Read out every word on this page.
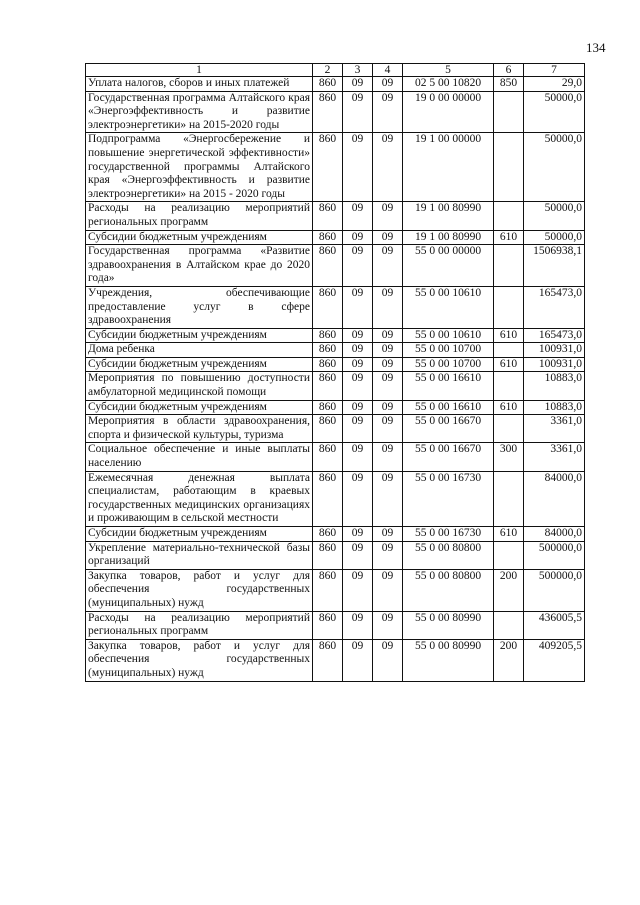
134
1	2	3	4	5	6	7
Уплата налогов, сборов и иных платежей	860	09	09	02 5 00 10820	850	29,0
Государственная программа Алтайского края «Энергоэффективность и развитие электроэнергетики» на 2015-2020 годы	860	09	09	19 0 00 00000		50000,0
Подпрограмма «Энергосбережение и повышение энергетической эффективности» государственной программы Алтайского края «Энергоэффективность и развитие электроэнергетики» на 2015 - 2020 годы	860	09	09	19 1 00 00000		50000,0
Расходы на реализацию мероприятий региональных программ	860	09	09	19 1 00 80990		50000,0
Субсидии бюджетным учреждениям	860	09	09	19 1 00 80990	610	50000,0
Государственная программа «Развитие здравоохранения в Алтайском крае до 2020 года»	860	09	09	55 0 00 00000		1506938,1
Учреждения, обеспечивающие предоставление услуг в сфере здравоохранения	860	09	09	55 0 00 10610		165473,0
Субсидии бюджетным учреждениям	860	09	09	55 0 00 10610	610	165473,0
Дома ребенка	860	09	09	55 0 00 10700		100931,0
Субсидии бюджетным учреждениям	860	09	09	55 0 00 10700	610	100931,0
Мероприятия по повышению доступности амбулаторной медицинской помощи	860	09	09	55 0 00 16610		10883,0
Субсидии бюджетным учреждениям	860	09	09	55 0 00 16610	610	10883,0
Мероприятия в области здравоохранения, спорта и физической культуры, туризма	860	09	09	55 0 00 16670		3361,0
Социальное обеспечение и иные выплаты населению	860	09	09	55 0 00 16670	300	3361,0
Ежемесячная денежная выплата специалистам, работающим в краевых государственных медицинских организациях и проживающим в сельской местности	860	09	09	55 0 00 16730		84000,0
Субсидии бюджетным учреждениям	860	09	09	55 0 00 16730	610	84000,0
Укрепление материально-технической базы организаций	860	09	09	55 0 00 80800		500000,0
Закупка товаров, работ и услуг для обеспечения государственных (муниципальных) нужд	860	09	09	55 0 00 80800	200	500000,0
Расходы на реализацию мероприятий региональных программ	860	09	09	55 0 00 80990		436005,5
Закупка товаров, работ и услуг для обеспечения государственных (муниципальных) нужд	860	09	09	55 0 00 80990	200	409205,5
